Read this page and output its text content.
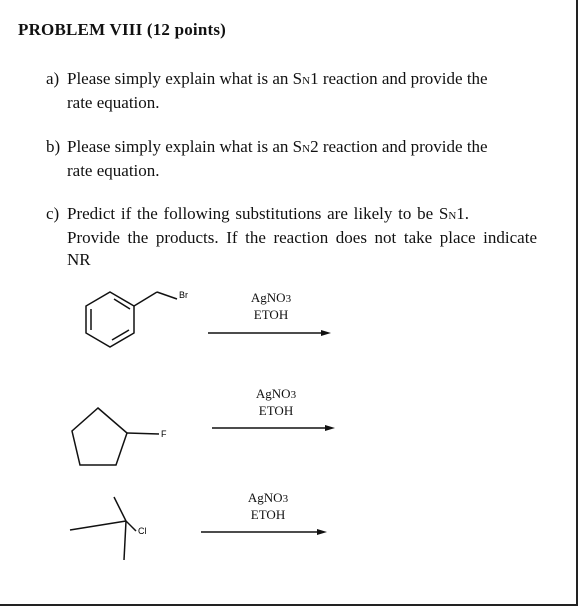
PROBLEM VIII (12 points)
a) Please simply explain what is an SN1 reaction and provide the
rate equation.
b) Please simply explain what is an SN2 reaction and provide the
rate equation.
c) Predict if the following substitutions are likely to be SN1.
Provide the products. If the reaction does not take place indicate NR
Br
F
Cl
AgNO3
ETOH
AgNO3
ETOH
AgNO3
ETOH
